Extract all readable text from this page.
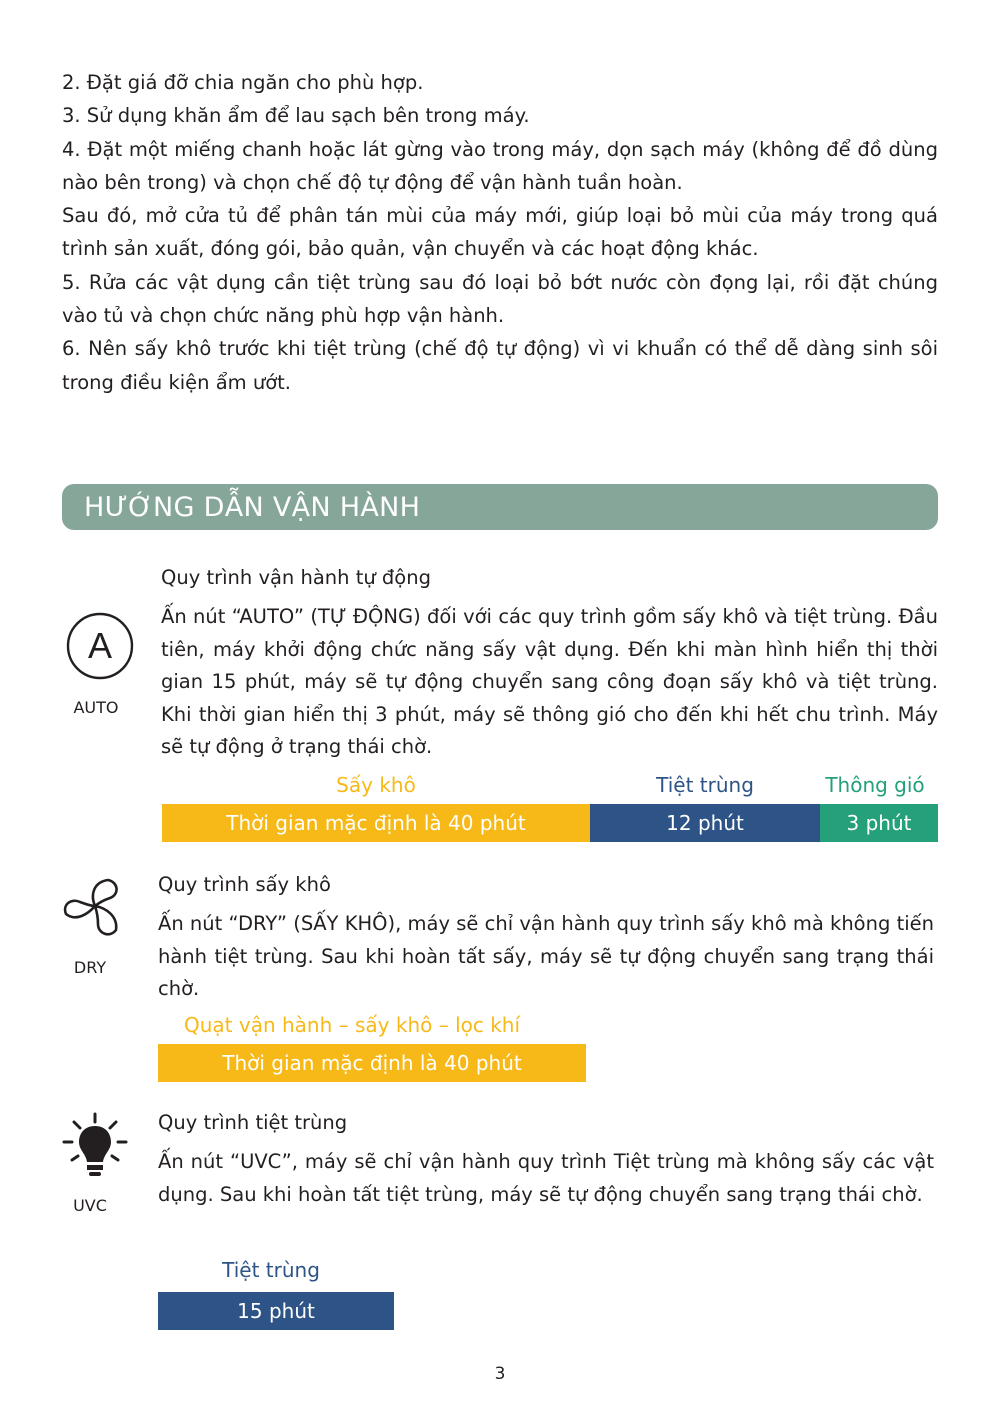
2. Đặt giá đỡ chia ngăn cho phù hợp.

3. Sử dụng khăn ẩm để lau sạch bên trong máy.

4. Đặt một miếng chanh hoặc lát gừng vào trong máy, dọn sạch máy (không để đồ dùng nào bên trong) và chọn chế độ tự động để vận hành tuần hoàn.

Sau đó, mở cửa tủ để phân tán mùi của máy mới, giúp loại bỏ mùi của máy trong quá trình sản xuất, đóng gói, bảo quản, vận chuyển và các hoạt động khác.

5. Rửa các vật dụng cần tiệt trùng sau đó loại bỏ bớt nước còn đọng lại, rồi đặt chúng vào tủ và chọn chức năng phù hợp vận hành.

6. Nên sấy khô trước khi tiệt trùng (chế độ tự động) vì vi khuẩn có thể dễ dàng sinh sôi trong điều kiện ẩm ướt.

HƯỚNG DẪN VẬN HÀNH
A
AUTO
Quy trình vận hành tự động
Ấn nút “AUTO” (TỰ ĐỘNG) đối với các quy trình gồm sấy khô và tiệt trùng. Đầu tiên, máy khởi động chức năng sấy vật dụng. Đến khi màn hình hiển thị thời gian 15 phút, máy sẽ tự động chuyển sang công đoạn sấy khô và tiệt trùng. Khi thời gian hiển thị 3 phút, máy sẽ thông gió cho đến khi hết chu trình. Máy sẽ tự động ở trạng thái chờ.
Sấy khô	Tiệt trùng	Thông gió
Thời gian mặc định là 40 phút	12 phút	3 phút
DRY
Quy trình sấy khô
Ấn nút “DRY” (SẤY KHÔ), máy sẽ chỉ vận hành quy trình sấy khô mà không tiến hành tiệt trùng. Sau khi hoàn tất sấy, máy sẽ tự động chuyển sang trạng thái chờ.
Quạt vận hành – sấy khô – lọc khí
Thời gian mặc định là 40 phút
UVC
Quy trình tiệt trùng
Ấn nút “UVC”, máy sẽ chỉ vận hành quy trình Tiệt trùng mà không sấy các vật dụng. Sau khi hoàn tất tiệt trùng, máy sẽ tự động chuyển sang trạng thái chờ.
Tiệt trùng
15 phút
3
